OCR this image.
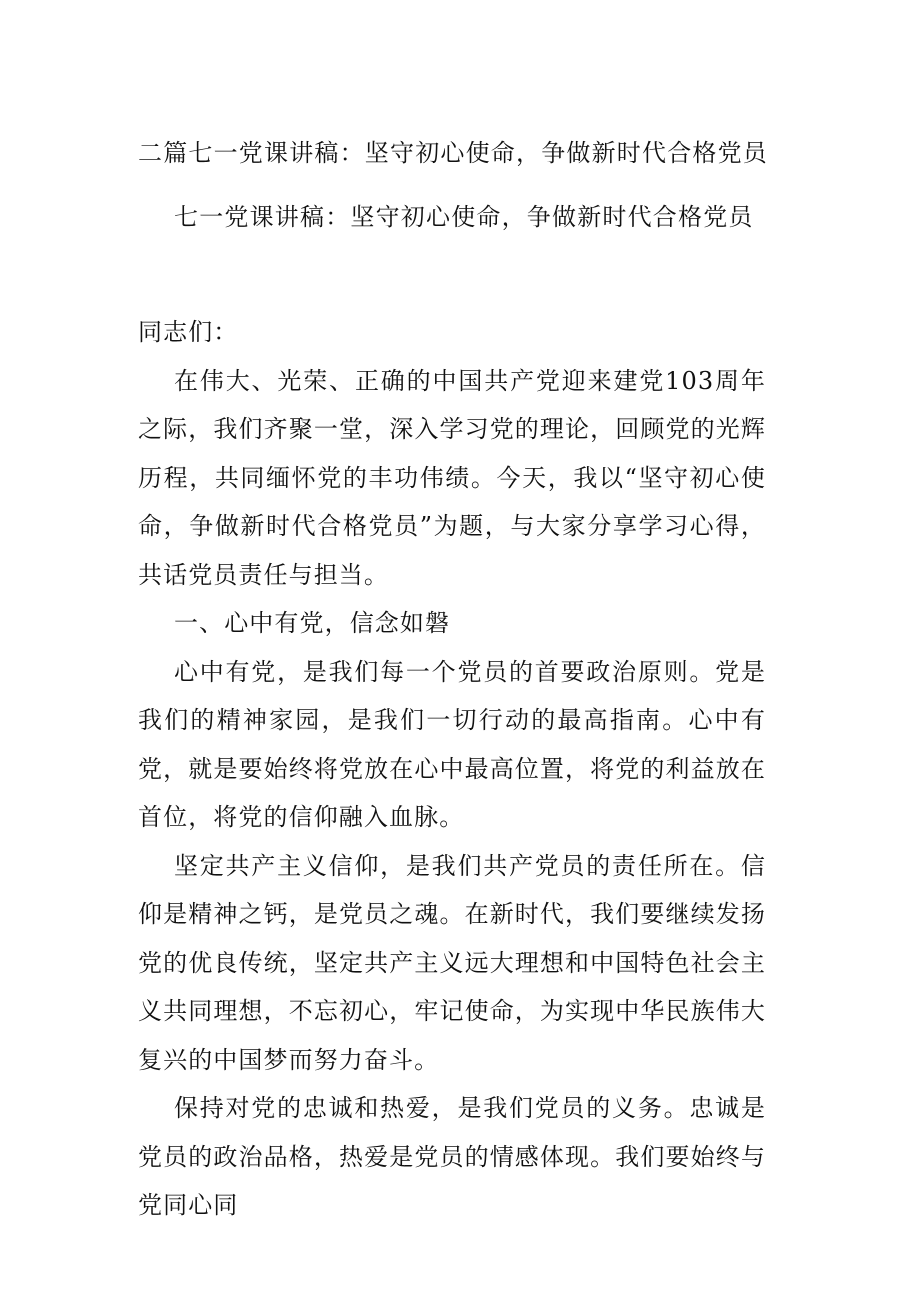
二篇七一党课讲稿：坚守初心使命，争做新时代合格党员
七一党课讲稿：坚守初心使命，争做新时代合格党员

同志们：

在伟大、光荣、正确的中国共产党迎来建党103周年之际，我们齐聚一堂，深入学习党的理论，回顾党的光辉历程，共同缅怀党的丰功伟绩。今天，我以“坚守初心使命，争做新时代合格党员”为题，与大家分享学习心得，共话党员责任与担当。

一、心中有党，信念如磐

心中有党，是我们每一个党员的首要政治原则。党是我们的精神家园，是我们一切行动的最高指南。心中有党，就是要始终将党放在心中最高位置，将党的利益放在首位，将党的信仰融入血脉。

坚定共产主义信仰，是我们共产党员的责任所在。信仰是精神之钙，是党员之魂。在新时代，我们要继续发扬党的优良传统，坚定共产主义远大理想和中国特色社会主义共同理想，不忘初心，牢记使命，为实现中华民族伟大复兴的中国梦而努力奋斗。

保持对党的忠诚和热爱，是我们党员的义务。忠诚是党员的政治品格，热爱是党员的情感体现。我们要始终与党同心同
